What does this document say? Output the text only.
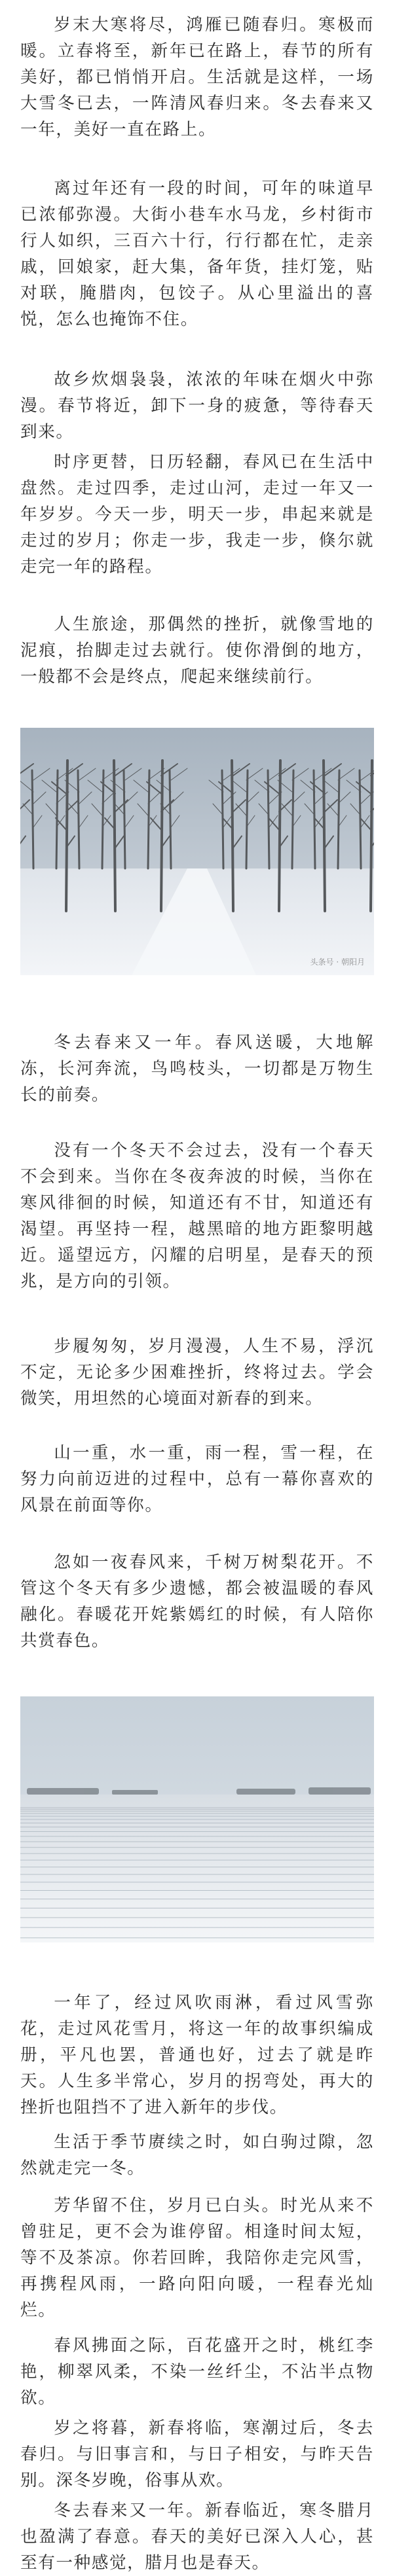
岁末大寒将尽，鸿雁已随春归。寒极而暖。立春将至，新年已在路上，春节的所有美好，都已悄悄开启。生活就是这样，一场大雪冬已去，一阵清风春归来。冬去春来又一年，美好一直在路上。

离过年还有一段的时间，可年的味道早已浓郁弥漫。大街小巷车水马龙，乡村街市行人如织，三百六十行，行行都在忙，走亲戚，回娘家，赶大集，备年货，挂灯笼，贴对联，腌腊肉，包饺子。从心里溢出的喜悦，怎么也掩饰不住。

故乡炊烟袅袅，浓浓的年味在烟火中弥漫。春节将近，卸下一身的疲惫，等待春天到来。

时序更替，日历轻翻，春风已在生活中盘然。走过四季，走过山河，走过一年又一年岁岁。今天一步，明天一步，串起来就是走过的岁月；你走一步，我走一步，倏尔就走完一年的路程。

人生旅途，那偶然的挫折，就像雪地的泥痕，抬脚走过去就行。使你滑倒的地方，一般都不会是终点，爬起来继续前行。

头条号 · 朝阳月

冬去春来又一年。春风送暖，大地解冻，长河奔流，鸟鸣枝头，一切都是万物生长的前奏。

没有一个冬天不会过去，没有一个春天不会到来。当你在冬夜奔波的时候，当你在寒风徘徊的时候，知道还有不甘，知道还有渴望。再坚持一程，越黑暗的地方距黎明越近。遥望远方，闪耀的启明星，是春天的预兆，是方向的引领。

步履匆匆，岁月漫漫，人生不易，浮沉不定，无论多少困难挫折，终将过去。学会微笑，用坦然的心境面对新春的到来。

山一重，水一重，雨一程，雪一程，在努力向前迈进的过程中，总有一幕你喜欢的风景在前面等你。

忽如一夜春风来，千树万树梨花开。不管这个冬天有多少遗憾，都会被温暖的春风融化。春暖花开姹紫嫣红的时候，有人陪你共赏春色。

一年了，经过风吹雨淋，看过风雪弥花，走过风花雪月，将这一年的故事织编成册，平凡也罢，普通也好，过去了就是昨天。人生多半常心，岁月的拐弯处，再大的挫折也阻挡不了进入新年的步伐。

生活于季节赓续之时，如白驹过隙，忽然就走完一冬。

芳华留不住，岁月已白头。时光从来不曾驻足，更不会为谁停留。相逢时间太短，等不及茶凉。你若回眸，我陪你走完风雪，再携程风雨，一路向阳向暖，一程春光灿烂。

春风拂面之际，百花盛开之时，桃红李艳，柳翠风柔，不染一丝纤尘，不沾半点物欲。

岁之将暮，新春将临，寒潮过后，冬去春归。与旧事言和，与日子相安，与昨天告别。深冬岁晚，俗事从欢。

冬去春来又一年。新春临近，寒冬腊月也盈满了春意。春天的美好已深入人心，甚至有一种感觉，腊月也是春天。
